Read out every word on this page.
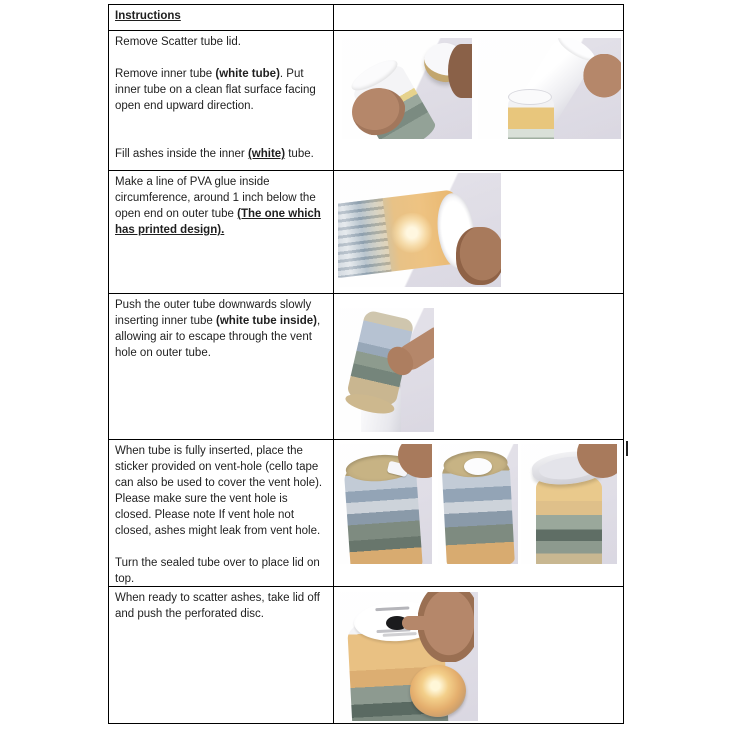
Instructions
Remove Scatter tube lid.

Remove inner tube (white tube). Put inner tube on a clean flat surface facing open end upward direction.

Fill ashes inside the inner (white) tube.
Make a line of PVA glue inside circumference, around 1 inch below the open end on outer tube (The one which has printed design).
Push the outer tube downwards slowly inserting inner tube (white tube inside), allowing air to escape through the vent hole on outer tube.
When tube is fully inserted, place the sticker provided on vent-hole (cello tape can also be used to cover the vent hole). Please make sure the vent hole is closed. Please note If vent hole not closed, ashes might leak from vent hole.

Turn the sealed tube over to place lid on top.
When ready to scatter ashes, take lid off and push the perforated disc.
